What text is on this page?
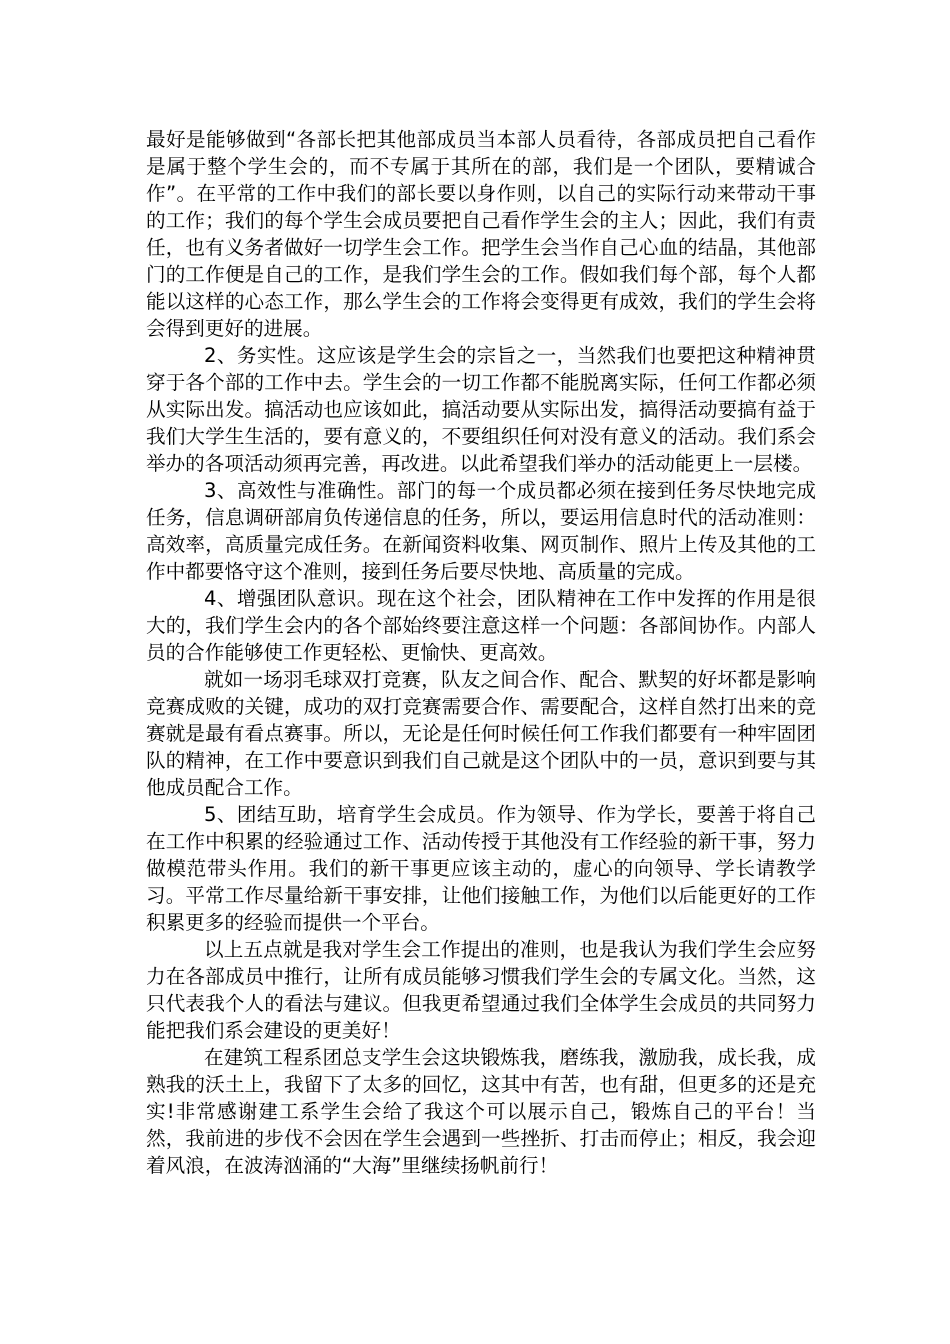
最好是能够做到“各部长把其他部成员当本部人员看待，各部成员把自己看作是属于整个学生会的，而不专属于其所在的部，我们是一个团队，要精诚合作”。在平常的工作中我们的部长要以身作则，以自己的实际行动来带动干事的工作；我们的每个学生会成员要把自己看作学生会的主人；因此，我们有责任，也有义务者做好一切学生会工作。把学生会当作自己心血的结晶，其他部门的工作便是自己的工作，是我们学生会的工作。假如我们每个部，每个人都能以这样的心态工作，那么学生会的工作将会变得更有成效，我们的学生会将会得到更好的进展。

2、务实性。这应该是学生会的宗旨之一，当然我们也要把这种精神贯穿于各个部的工作中去。学生会的一切工作都不能脱离实际，任何工作都必须从实际出发。搞活动也应该如此，搞活动要从实际出发，搞得活动要搞有益于我们大学生生活的，要有意义的，不要组织任何对没有意义的活动。我们系会举办的各项活动须再完善，再改进。以此希望我们举办的活动能更上一层楼。

3、高效性与准确性。部门的每一个成员都必须在接到任务尽快地完成任务，信息调研部肩负传递信息的任务，所以，要运用信息时代的活动准则：高效率，高质量完成任务。在新闻资料收集、网页制作、照片上传及其他的工作中都要恪守这个准则，接到任务后要尽快地、高质量的完成。

4、增强团队意识。现在这个社会，团队精神在工作中发挥的作用是很大的，我们学生会内的各个部始终要注意这样一个问题：各部间协作。内部人员的合作能够使工作更轻松、更愉快、更高效。

就如一场羽毛球双打竞赛，队友之间合作、配合、默契的好坏都是影响竞赛成败的关键，成功的双打竞赛需要合作、需要配合，这样自然打出来的竞赛就是最有看点赛事。所以，无论是任何时候任何工作我们都要有一种牢固团队的精神，在工作中要意识到我们自己就是这个团队中的一员，意识到要与其他成员配合工作。

5、团结互助，培育学生会成员。作为领导、作为学长，要善于将自己在工作中积累的经验通过工作、活动传授于其他没有工作经验的新干事，努力做模范带头作用。我们的新干事更应该主动的，虚心的向领导、学长请教学习。平常工作尽量给新干事安排，让他们接触工作，为他们以后能更好的工作积累更多的经验而提供一个平台。

以上五点就是我对学生会工作提出的准则，也是我认为我们学生会应努力在各部成员中推行，让所有成员能够习惯我们学生会的专属文化。当然，这只代表我个人的看法与建议。但我更希望通过我们全体学生会成员的共同努力能把我们系会建设的更美好！

在建筑工程系团总支学生会这块锻炼我，磨练我，激励我，成长我，成熟我的沃土上，我留下了太多的回忆，这其中有苦，也有甜，但更多的还是充实!非常感谢建工系学生会给了我这个可以展示自己，锻炼自己的平台！当然，我前进的步伐不会因在学生会遇到一些挫折、打击而停止；相反，我会迎着风浪，在波涛汹涌的“大海”里继续扬帆前行！
